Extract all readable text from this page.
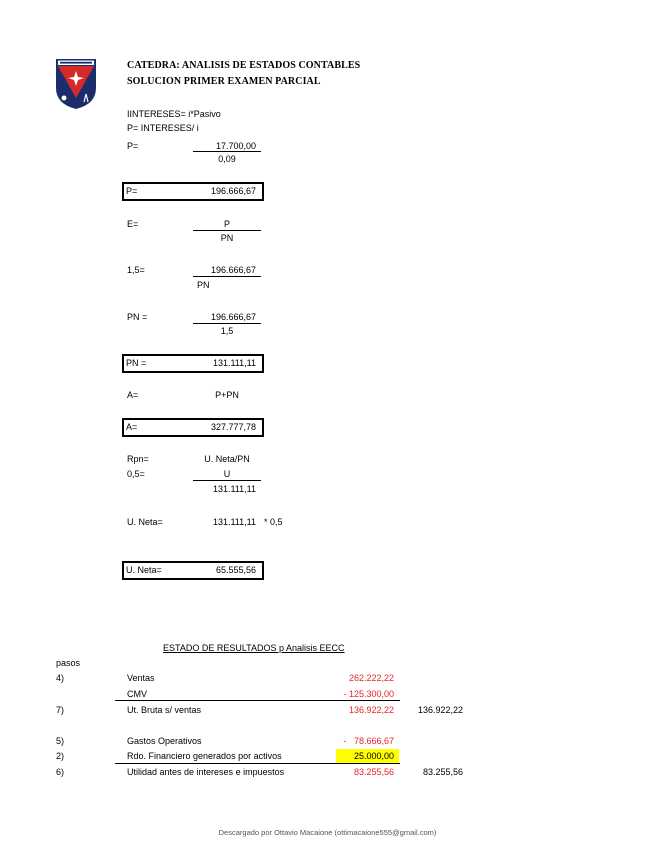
CATEDRA: ANALISIS DE ESTADOS CONTABLES
SOLUCION PRIMER EXAMEN PARCIAL
IINTERESES= i*Pasivo
P= INTERESES/ i
P=	17.700,00
0,09
P=	196.666,67
E=	P
PN
1,5=	196.666,67
PN
PN =	196.666,67
1,5
PN =	131.111,11
A=	P+PN
A=	327.777,78
Rpn=	U. Neta/PN
0,5=	U
131.111,11
U. Neta=	131.111,11 * 0,5
U. Neta=	65.555,56
ESTADO DE RESULTADOS p Analisis EECC
pasos
4)	Ventas	262.222,22
CMV	- 125.300,00
7)	Ut. Bruta s/ ventas	136.922,22	136.922,22
5)	Gastos Operativos	-   78.666,67
2)	Rdo. Financiero generados por activos	25.000,00
6)	Utilidad antes de intereses e impuestos	83.255,56	83.255,56
Descargado por Ottavio Macaione (ottimacaione555@gmail.com)
